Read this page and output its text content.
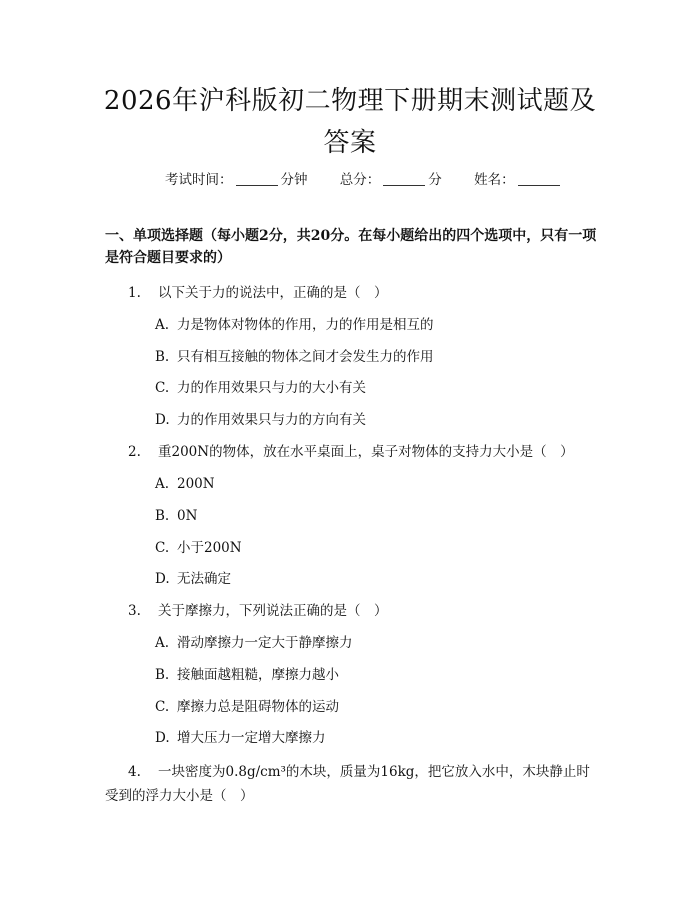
2026年沪科版初二物理下册期末测试题及答案
考试时间：	分钟 总分：	分 姓名：

一、单项选择题（每小题2分，共20分。在每小题给出的四个选项中，只有一项是符合题目要求的）

1. 以下关于力的说法中，正确的是（　）
A. 力是物体对物体的作用，力的作用是相互的
B. 只有相互接触的物体之间才会发生力的作用
C. 力的作用效果只与力的大小有关
D. 力的作用效果只与力的方向有关
2. 重200N的物体，放在水平桌面上，桌子对物体的支持力大小是（　）
A. 200N
B. 0N
C. 小于200N
D. 无法确定
3. 关于摩擦力，下列说法正确的是（　）
A. 滑动摩擦力一定大于静摩擦力
B. 接触面越粗糙，摩擦力越小
C. 摩擦力总是阻碍物体的运动
D. 增大压力一定增大摩擦力
4. 一块密度为0.8g/cm³的木块，质量为16kg，把它放入水中，木块静止时受到的浮力大小是（　）
